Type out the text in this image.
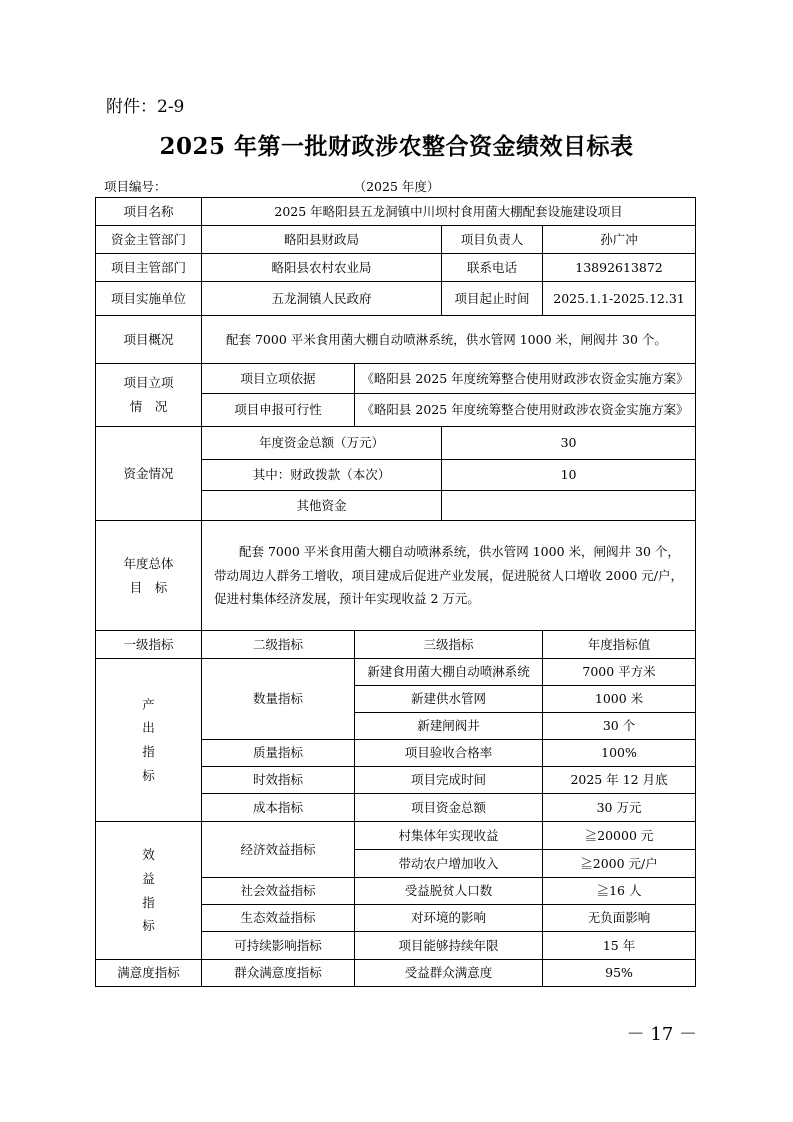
附件：2-9
2025 年第一批财政涉农整合资金绩效目标表
项目编号：	（2025 年度）
项目名称	2025 年略阳县五龙洞镇中川坝村食用菌大棚配套设施建设项目			
资金主管部门	略阳县财政局		项目负责人	孙广冲
项目主管部门	略阳县农村农业局		联系电话	13892613872
项目实施单位	五龙洞镇人民政府		项目起止时间	2025.1.1-2025.12.31
项目概况	配套 7000 平米食用菌大棚自动喷淋系统，供水管网 1000 米，闸阀井 30 个。			
项目立项
情　况	项目立项依据	《略阳县 2025 年度统筹整合使用财政涉农资金实施方案》		
	项目申报可行性	《略阳县 2025 年度统筹整合使用财政涉农资金实施方案》		
资金情况	年度资金总额（万元）		30	
	其中：财政拨款（本次）		10	
	其他资金			
年度总体
目　标	配套 7000 平米食用菌大棚自动喷淋系统，供水管网 1000 米，闸阀井 30 个，带动周边人群务工增收，项目建成后促进产业发展，促进脱贫人口增收 2000 元/户，促进村集体经济发展，预计年实现收益 2 万元。			
一级指标	二级指标	三级指标		年度指标值
产
出
指
标	数量指标	新建食用菌大棚自动喷淋系统		7000 平方米
		新建供水管网		1000 米
		新建闸阀井		30 个
	质量指标	项目验收合格率		100%
	时效指标	项目完成时间		2025 年 12 月底
	成本指标	项目资金总额		30 万元
效
益
指
标	经济效益指标	村集体年实现收益		≧20000 元
		带动农户增加收入		≧2000 元/户
	社会效益指标	受益脱贫人口数		≧16 人
	生态效益指标	对环境的影响		无负面影响
	可持续影响指标	项目能够持续年限		15 年
满意度指标	群众满意度指标	受益群众满意度		95%
－ 17 －
